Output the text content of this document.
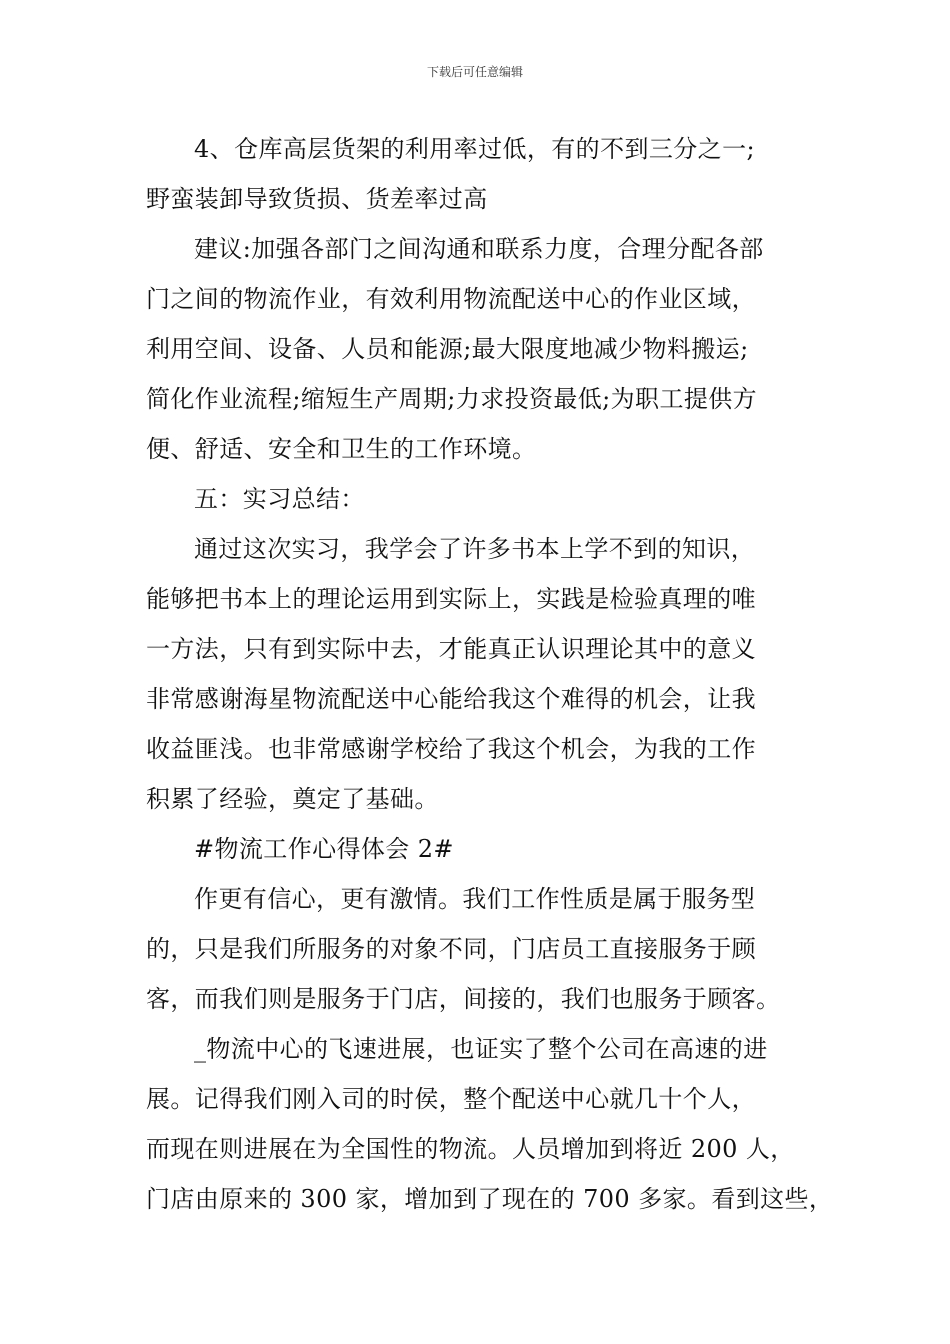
下载后可任意编辑

4、仓库高层货架的利用率过低，有的不到三分之一;
野蛮装卸导致货损、货差率过高

建议:加强各部门之间沟通和联系力度，合理分配各部
门之间的物流作业，有效利用物流配送中心的作业区域，
利用空间、设备、人员和能源;最大限度地减少物料搬运;
简化作业流程;缩短生产周期;力求投资最低;为职工提供方
便、舒适、安全和卫生的工作环境。

五：实习总结：

通过这次实习，我学会了许多书本上学不到的知识，
能够把书本上的理论运用到实际上，实践是检验真理的唯
一方法，只有到实际中去，才能真正认识理论其中的意义
非常感谢海星物流配送中心能给我这个难得的机会，让我
收益匪浅。也非常感谢学校给了我这个机会，为我的工作
积累了经验，奠定了基础。

#物流工作心得体会 2#

作更有信心，更有激情。我们工作性质是属于服务型
的，只是我们所服务的对象不同，门店员工直接服务于顾
客，而我们则是服务于门店，间接的，我们也服务于顾客。

_物流中心的飞速进展，也证实了整个公司在高速的进
展。记得我们刚入司的时侯，整个配送中心就几十个人，
而现在则进展在为全国性的物流。人员增加到将近 200 人，
门店由原来的 300 家，增加到了现在的 700 多家。看到这些，
